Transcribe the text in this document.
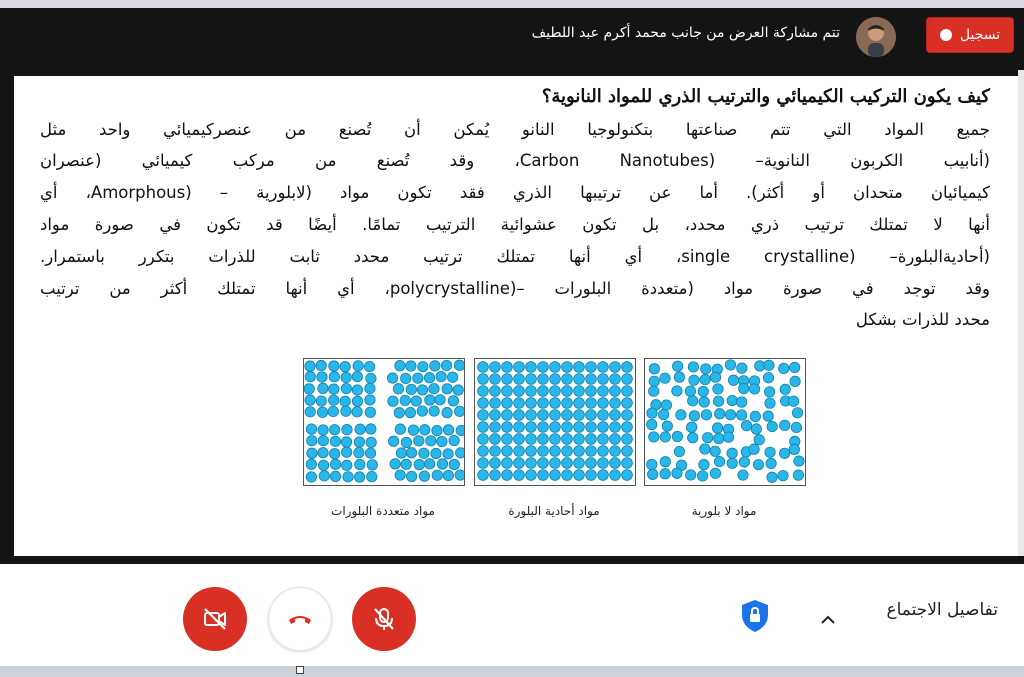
تسجيل
تتم مشاركة العرض من جانب محمد أكرم عبد اللطيف
كيف يكون التركيب الكيميائي والترتيب الذري للمواد النانوية؟
جميع المواد التي تتم صناعتها بتكنولوجيا النانو يُمكن أن تُصنع من عنصركيميائي واحد مثل
(أنابيب الكربون النانوية– (Carbon Nanotubes، وقد تُصنع من مركب كيميائي (عنصران
كيميائيان متحدان أو أكثر). أما عن ترتيبها الذري فقد تكون مواد (لابلورية – (Amorphous، أي
أنها لا تمتلك ترتيب ذري محدد، بل تكون عشوائية الترتيب تمامًا. أيضًا قد تكون في صورة مواد
(أحاديةالبلورة– (single crystalline، أي أنها تمتلك ترتيب محدد ثابت للذرات بتكرر باستمرار.
وقد توجد في صورة مواد (متعددة البلورات –(polycrystalline، أي أنها تمتلك أكثر من ترتيب
محدد للذرات بشكل
مواد متعددة البلورات	مواد أحادية البلورة	مواد لا بلورية
تفاصيل الاجتماع
